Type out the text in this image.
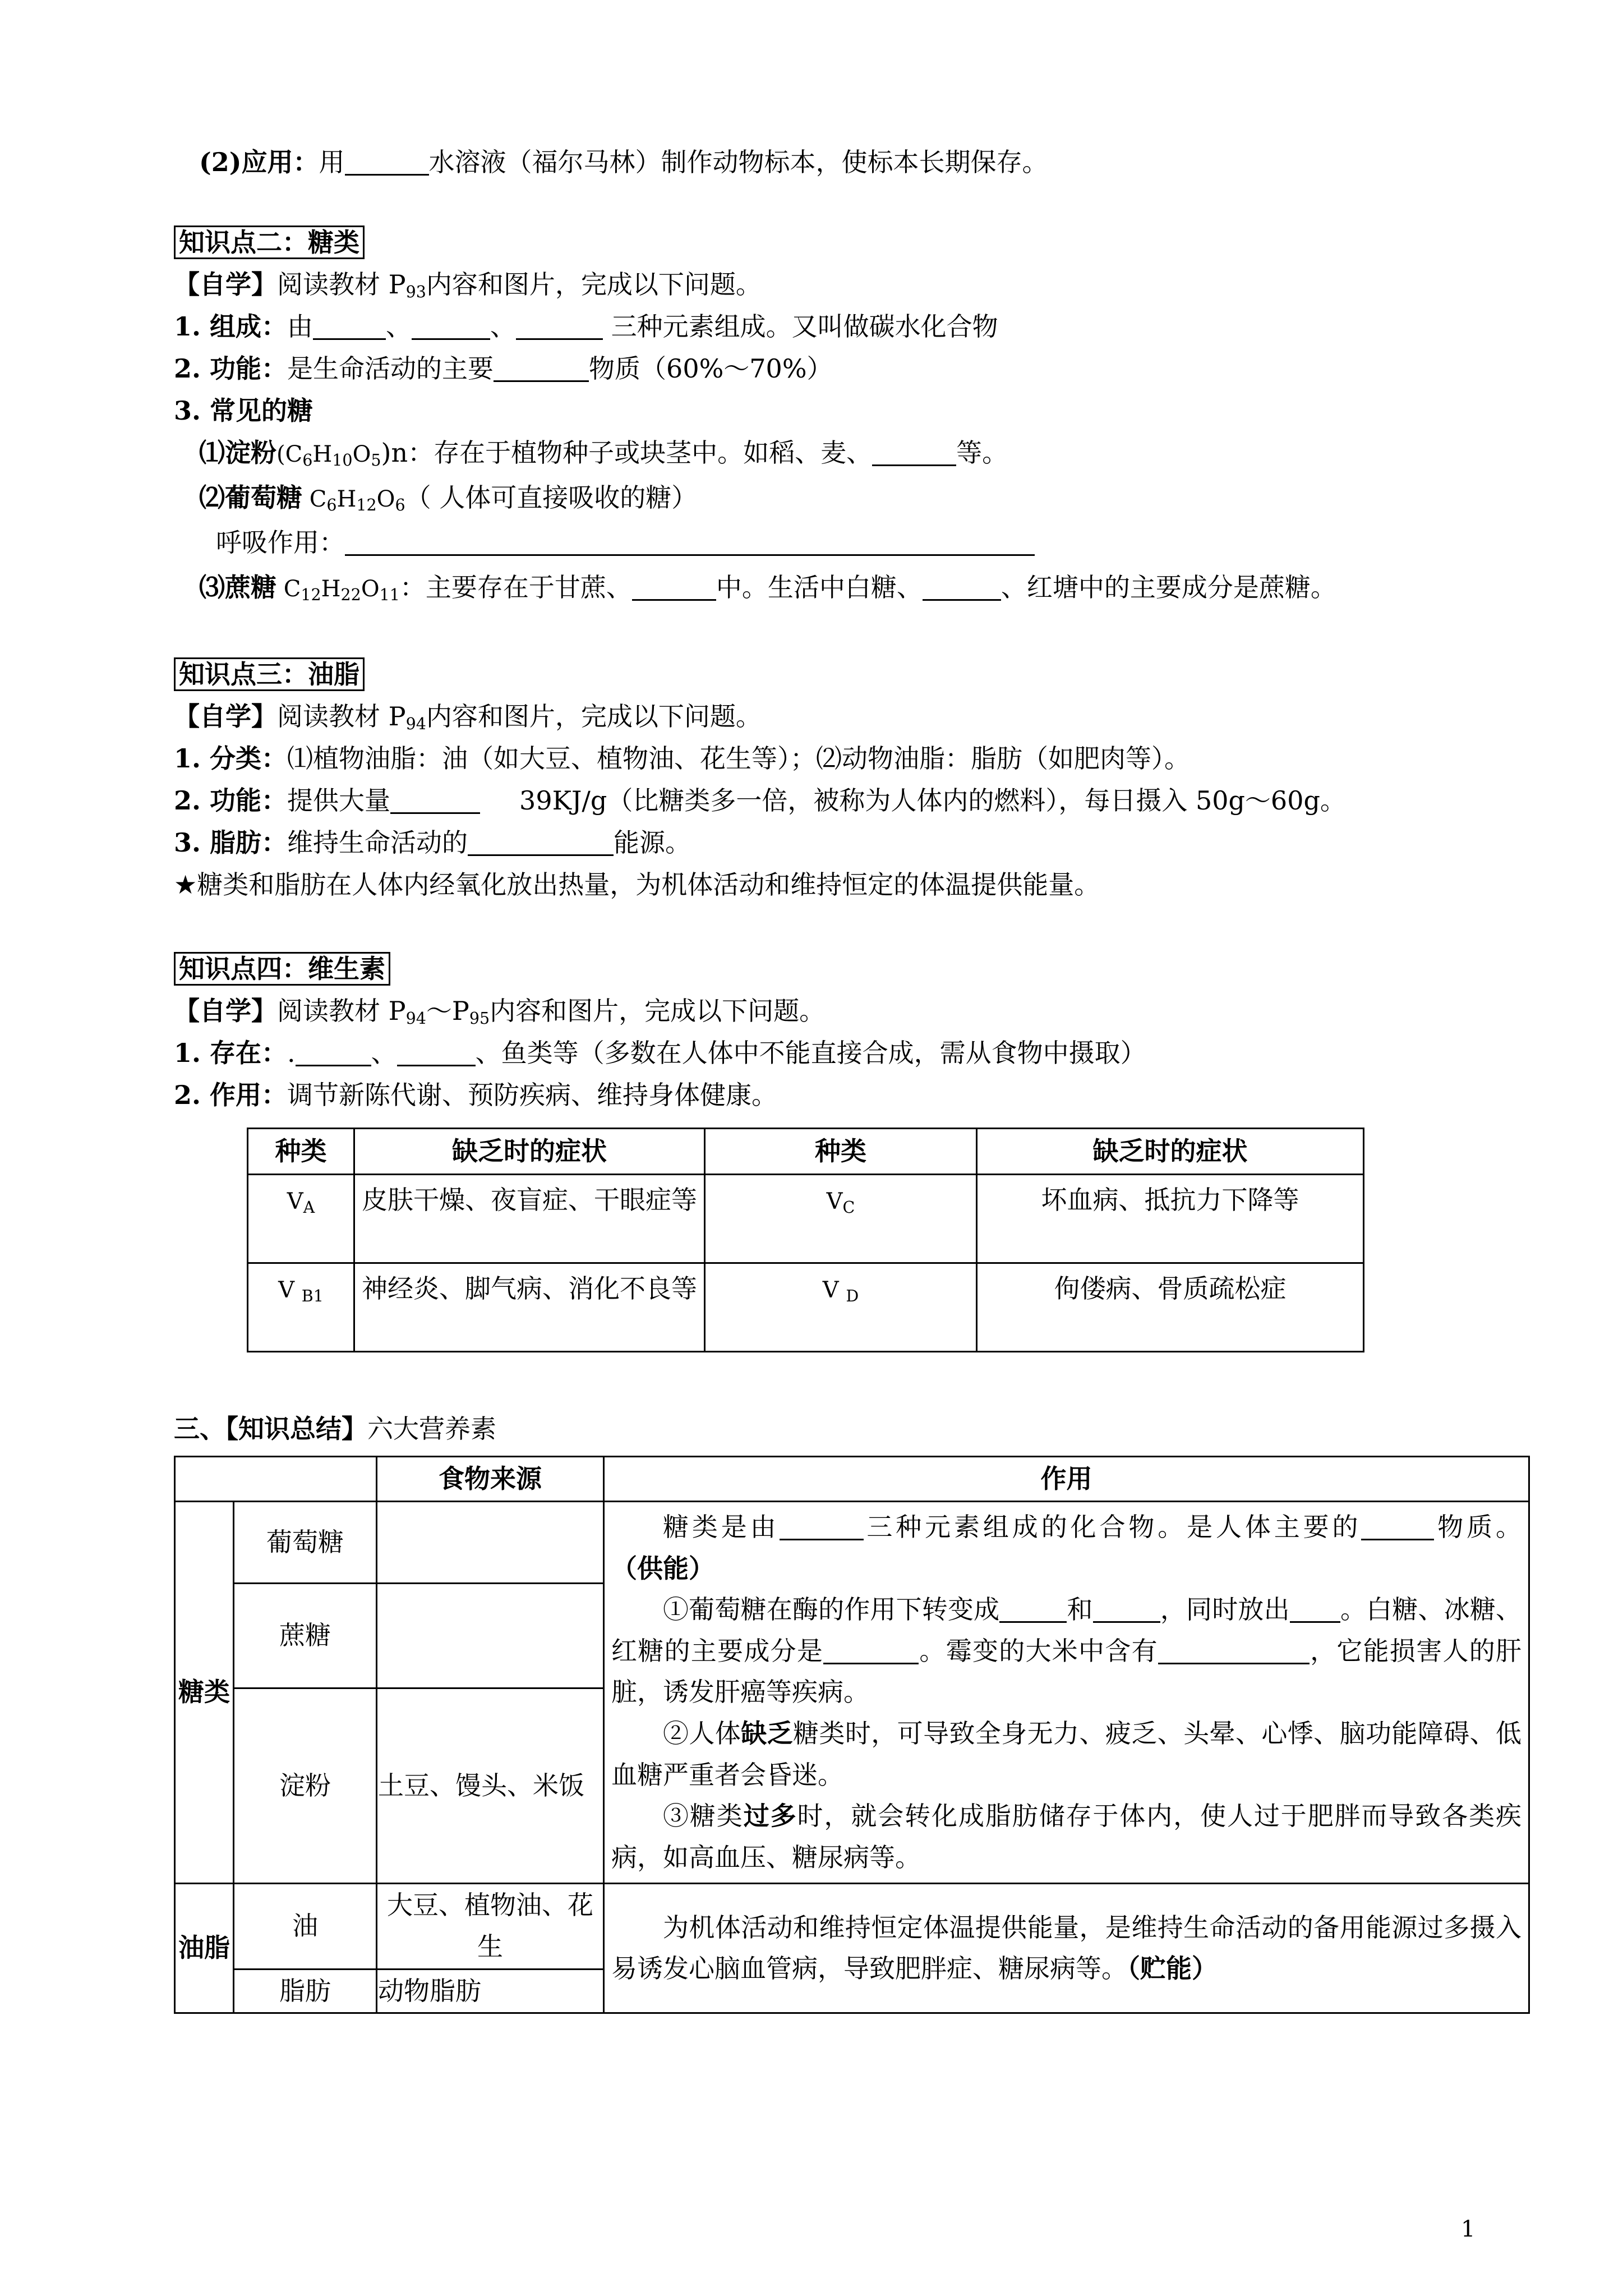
(2)应用：用	水溶液（福尔马林）制作动物标本，使标本长期保存。
知识点二：糖类
【自学】阅读教材 $P_{93}$内容和图片，完成以下问题。
1. 组成：由	、	、	三种元素组成。又叫做碳水化合物
2. 功能：是生命活动的主要	物质（60%～70%）
3. 常见的糖
⑴淀粉$(C_6H_{10}O_5)n$：存在于植物种子或块茎中。如稻、麦、	等。
⑵葡萄糖 $C_6H_{12}O_6$（ 人体可直接吸收的糖）
呼吸作用：
⑶蔗糖 $C_{12}H_{22}O_{11}$：主要存在于甘蔗、	中。生活中白糖、	、红塘中的主要成分是蔗糖。
知识点三：油脂
【自学】阅读教材 $P_{94}$内容和图片，完成以下问题。
1. 分类：⑴植物油脂：油（如大豆、植物油、花生等）；⑵动物油脂：脂肪（如肥肉等）。
2. 功能：提供大量	39KJ/g（比糖类多一倍，被称为人体内的燃料），每日摄入 50g～60g。
3. 脂肪：维持生命活动的	能源。
★糖类和脂肪在人体内经氧化放出热量，为机体活动和维持恒定的体温提供能量。
知识点四：维生素
【自学】阅读教材 $P_{94}\sim P_{95}$内容和图片，完成以下问题。
1. 存在：.	、	、鱼类等（多数在人体中不能直接合成，需从食物中摄取）
2. 作用：调节新陈代谢、预防疾病、维持身体健康。
种类	缺乏时的症状	种类	缺乏时的症状
$V_A$	皮肤干燥、夜盲症、干眼症等	$V_C$	坏血病、抵抗力下降等
V $_{B1}$	神经炎、脚气病、消化不良等	V $_D$	佝偻病、骨质疏松症
三、【知识总结】六大营养素
		食物来源	作用
糖类	葡萄糖		糖类是由 三种元素组成的化合物。是人体主要的 物质。（供能）
①葡萄糖在酶的作用下转变成 和 ，同时放出 。白糖、冰糖、红糖的主要成分是 。霉变的大米中含有 ，它能损害人的肝脏，诱发肝癌等疾病。
②人体缺乏糖类时，可导致全身无力、疲乏、头晕、心悸、脑功能障碍、低血糖严重者会昏迷。
③糖类过多时，就会转化成脂肪储存于体内，使人过于肥胖而导致各类疾病，如高血压、糖尿病等。

	蔗糖		
	淀粉	土豆、馒头、米饭	
油脂	油	大豆、植物油、花生	为机体活动和维持恒定体温提供能量，是维持生命活动的备用能源过多摄入易诱发心脑血管病，导致肥胖症、糖尿病等。（贮能）

	脂肪	动物脂肪	
1
